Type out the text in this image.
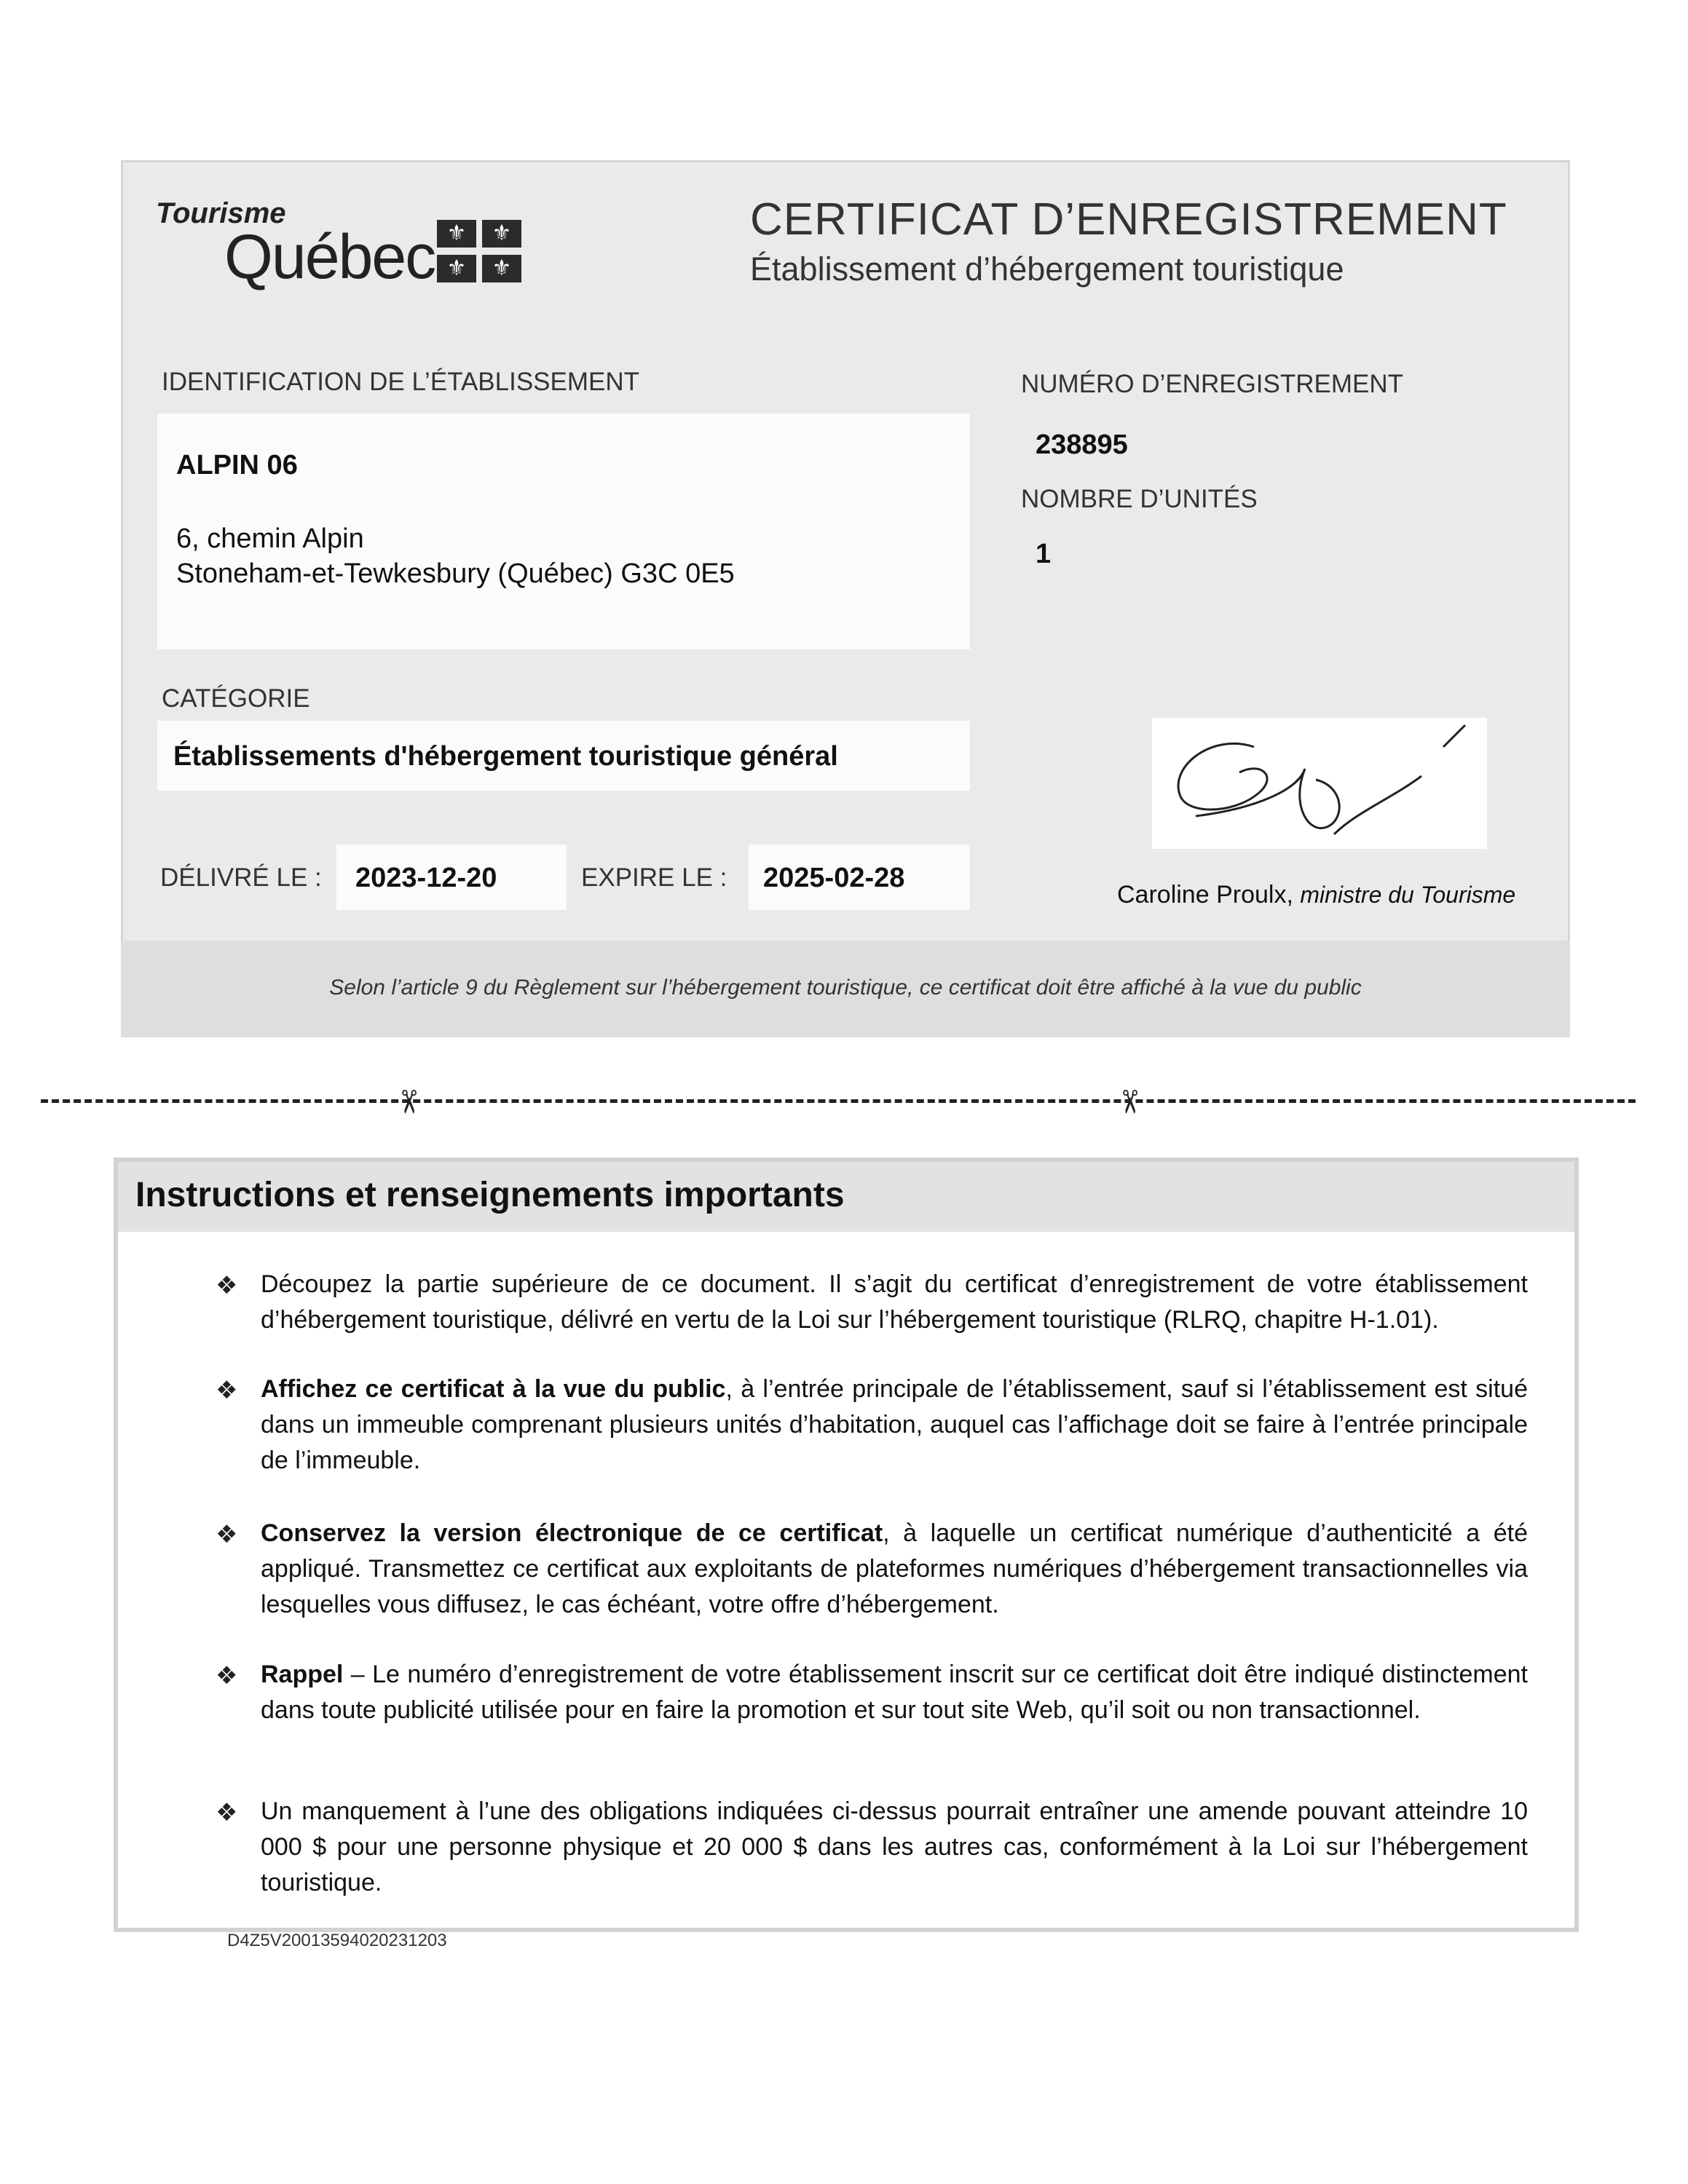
Tourisme
Québec ⚜	⚜
⚜	⚜
CERTIFICAT D’ENREGISTREMENT
Établissement d’hébergement touristique
IDENTIFICATION DE L’ÉTABLISSEMENT
ALPIN 06
6, chemin Alpin
Stoneham-et-Tewkesbury (Québec) G3C 0E5
NUMÉRO D’ENREGISTREMENT
238895
NOMBRE D’UNITÉS
1
CATÉGORIE
Établissements d'hébergement touristique général
DÉLIVRÉ LE : 2023-12-20	EXPIRE LE : 2025-02-28
Caroline Proulx, ministre du Tourisme
Selon l’article 9 du Règlement sur l’hébergement touristique, ce certificat doit être affiché à la vue du public
✂	✂
Instructions et renseignements importants
❖ Découpez la partie supérieure de ce document. Il s’agit du certificat d’enregistrement de votre établissement d’hébergement touristique, délivré en vertu de la Loi sur l’hébergement touristique (RLRQ, chapitre H-1.01).
❖ Affichez ce certificat à la vue du public, à l’entrée principale de l’établissement, sauf si l’établissement est situé dans un immeuble comprenant plusieurs unités d’habitation, auquel cas l’affichage doit se faire à l’entrée principale de l’immeuble.
❖ Conservez la version électronique de ce certificat, à laquelle un certificat numérique d’authenticité a été appliqué. Transmettez ce certificat aux exploitants de plateformes numériques d’hébergement transactionnelles via lesquelles vous diffusez, le cas échéant, votre offre d’hébergement.
❖ Rappel – Le numéro d’enregistrement de votre établissement inscrit sur ce certificat doit être indiqué distinctement dans toute publicité utilisée pour en faire la promotion et sur tout site Web, qu’il soit ou non transactionnel.
❖ Un manquement à l’une des obligations indiquées ci-dessus pourrait entraîner une amende pouvant atteindre 10 000 $ pour une personne physique et 20 000 $ dans les autres cas, conformément à la Loi sur l’hébergement touristique.
D4Z5V20013594020231203
